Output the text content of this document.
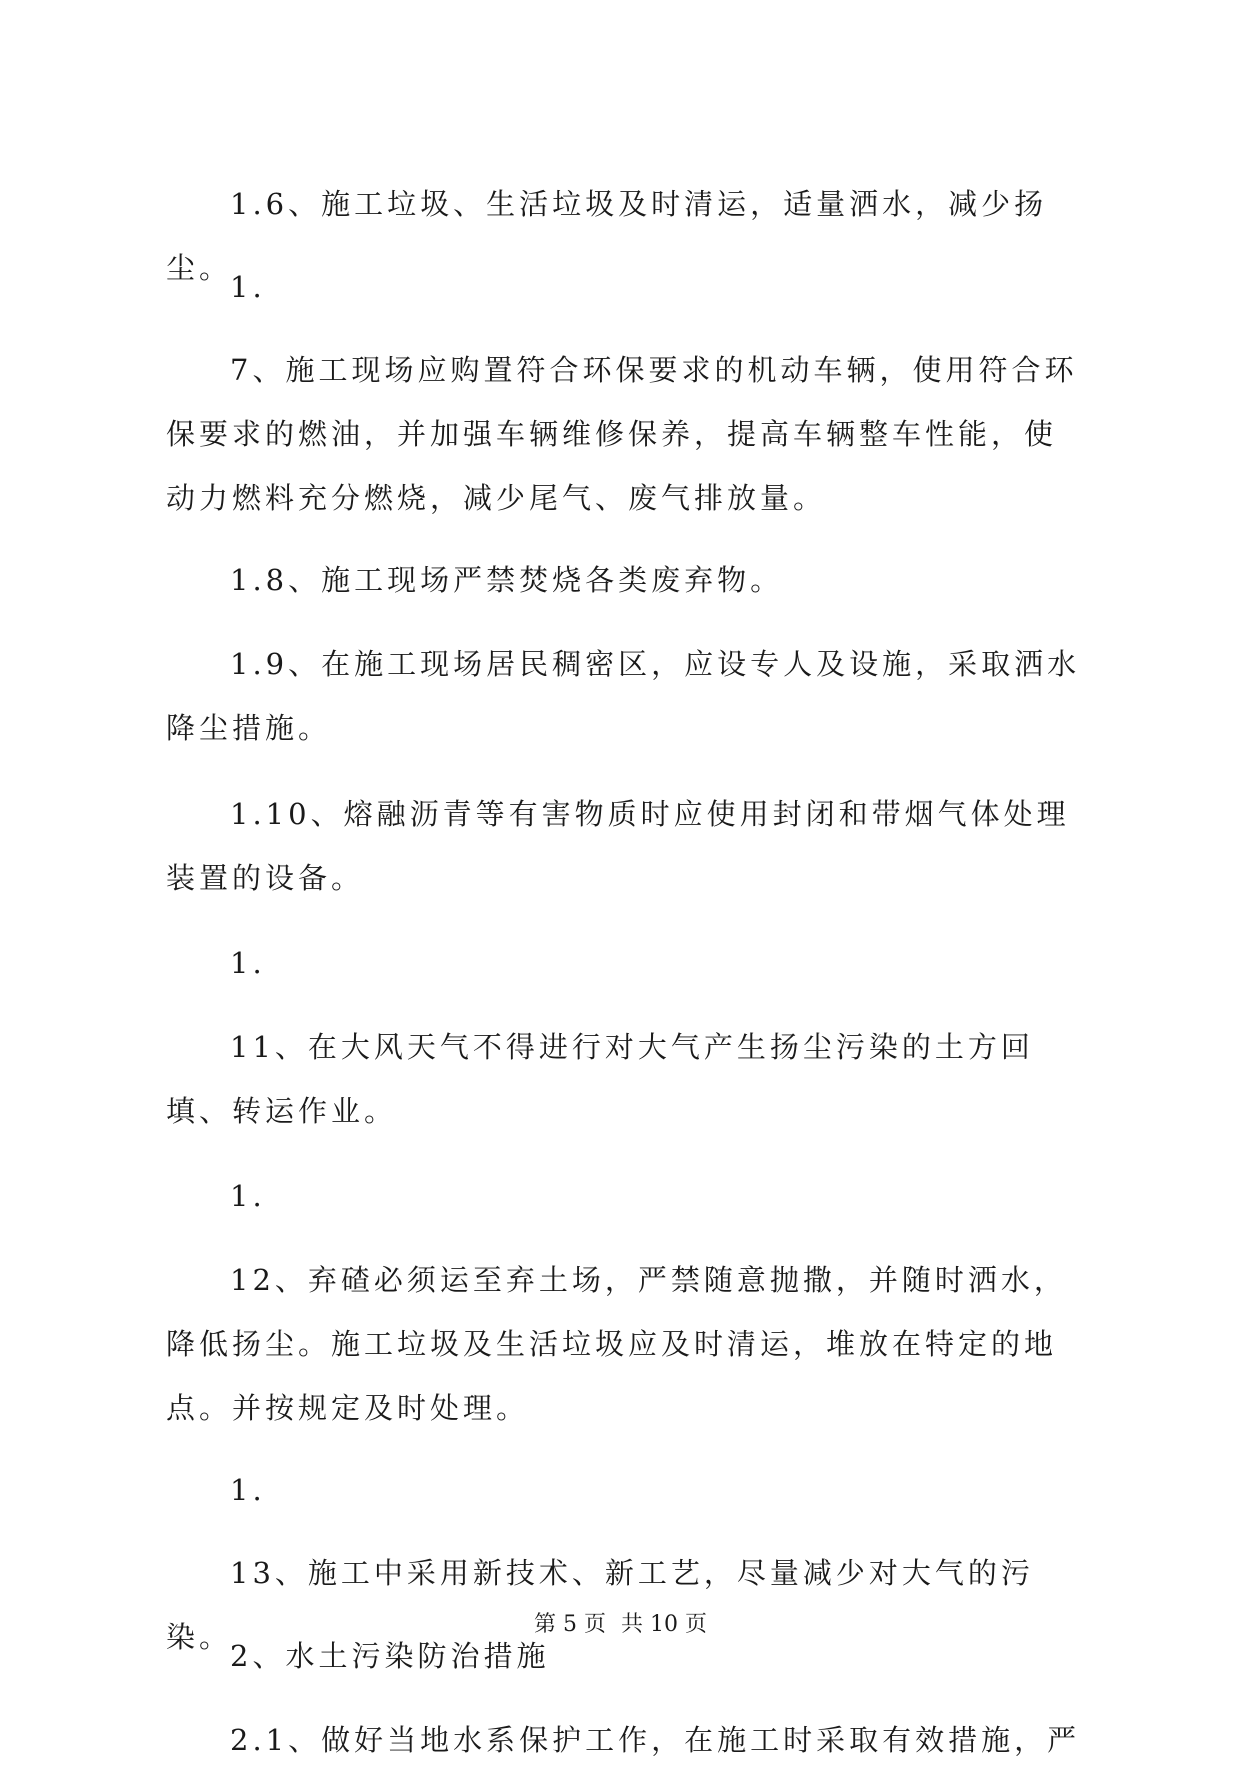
1.6、施工垃圾、生活垃圾及时清运，适量洒水，减少扬尘。

1.

7、施工现场应购置符合环保要求的机动车辆，使用符合环保要求的燃油，并加强车辆维修保养，提高车辆整车性能，使动力燃料充分燃烧，减少尾气、废气排放量。

1.8、施工现场严禁焚烧各类废弃物。

1.9、在施工现场居民稠密区，应设专人及设施，采取洒水降尘措施。

1.10、熔融沥青等有害物质时应使用封闭和带烟气体处理装置的设备。

1.

11、在大风天气不得进行对大气产生扬尘污染的土方回填、转运作业。

1.

12、弃碴必须运至弃土场，严禁随意抛撒，并随时洒水，降低扬尘。施工垃圾及生活垃圾应及时清运，堆放在特定的地点。并按规定及时处理。

1.

13、施工中采用新技术、新工艺，尽量减少对大气的污染。

2、水土污染防治措施

2.1、做好当地水系保护工作，在施工时采取有效措施，严

第 5 页 共 10 页
